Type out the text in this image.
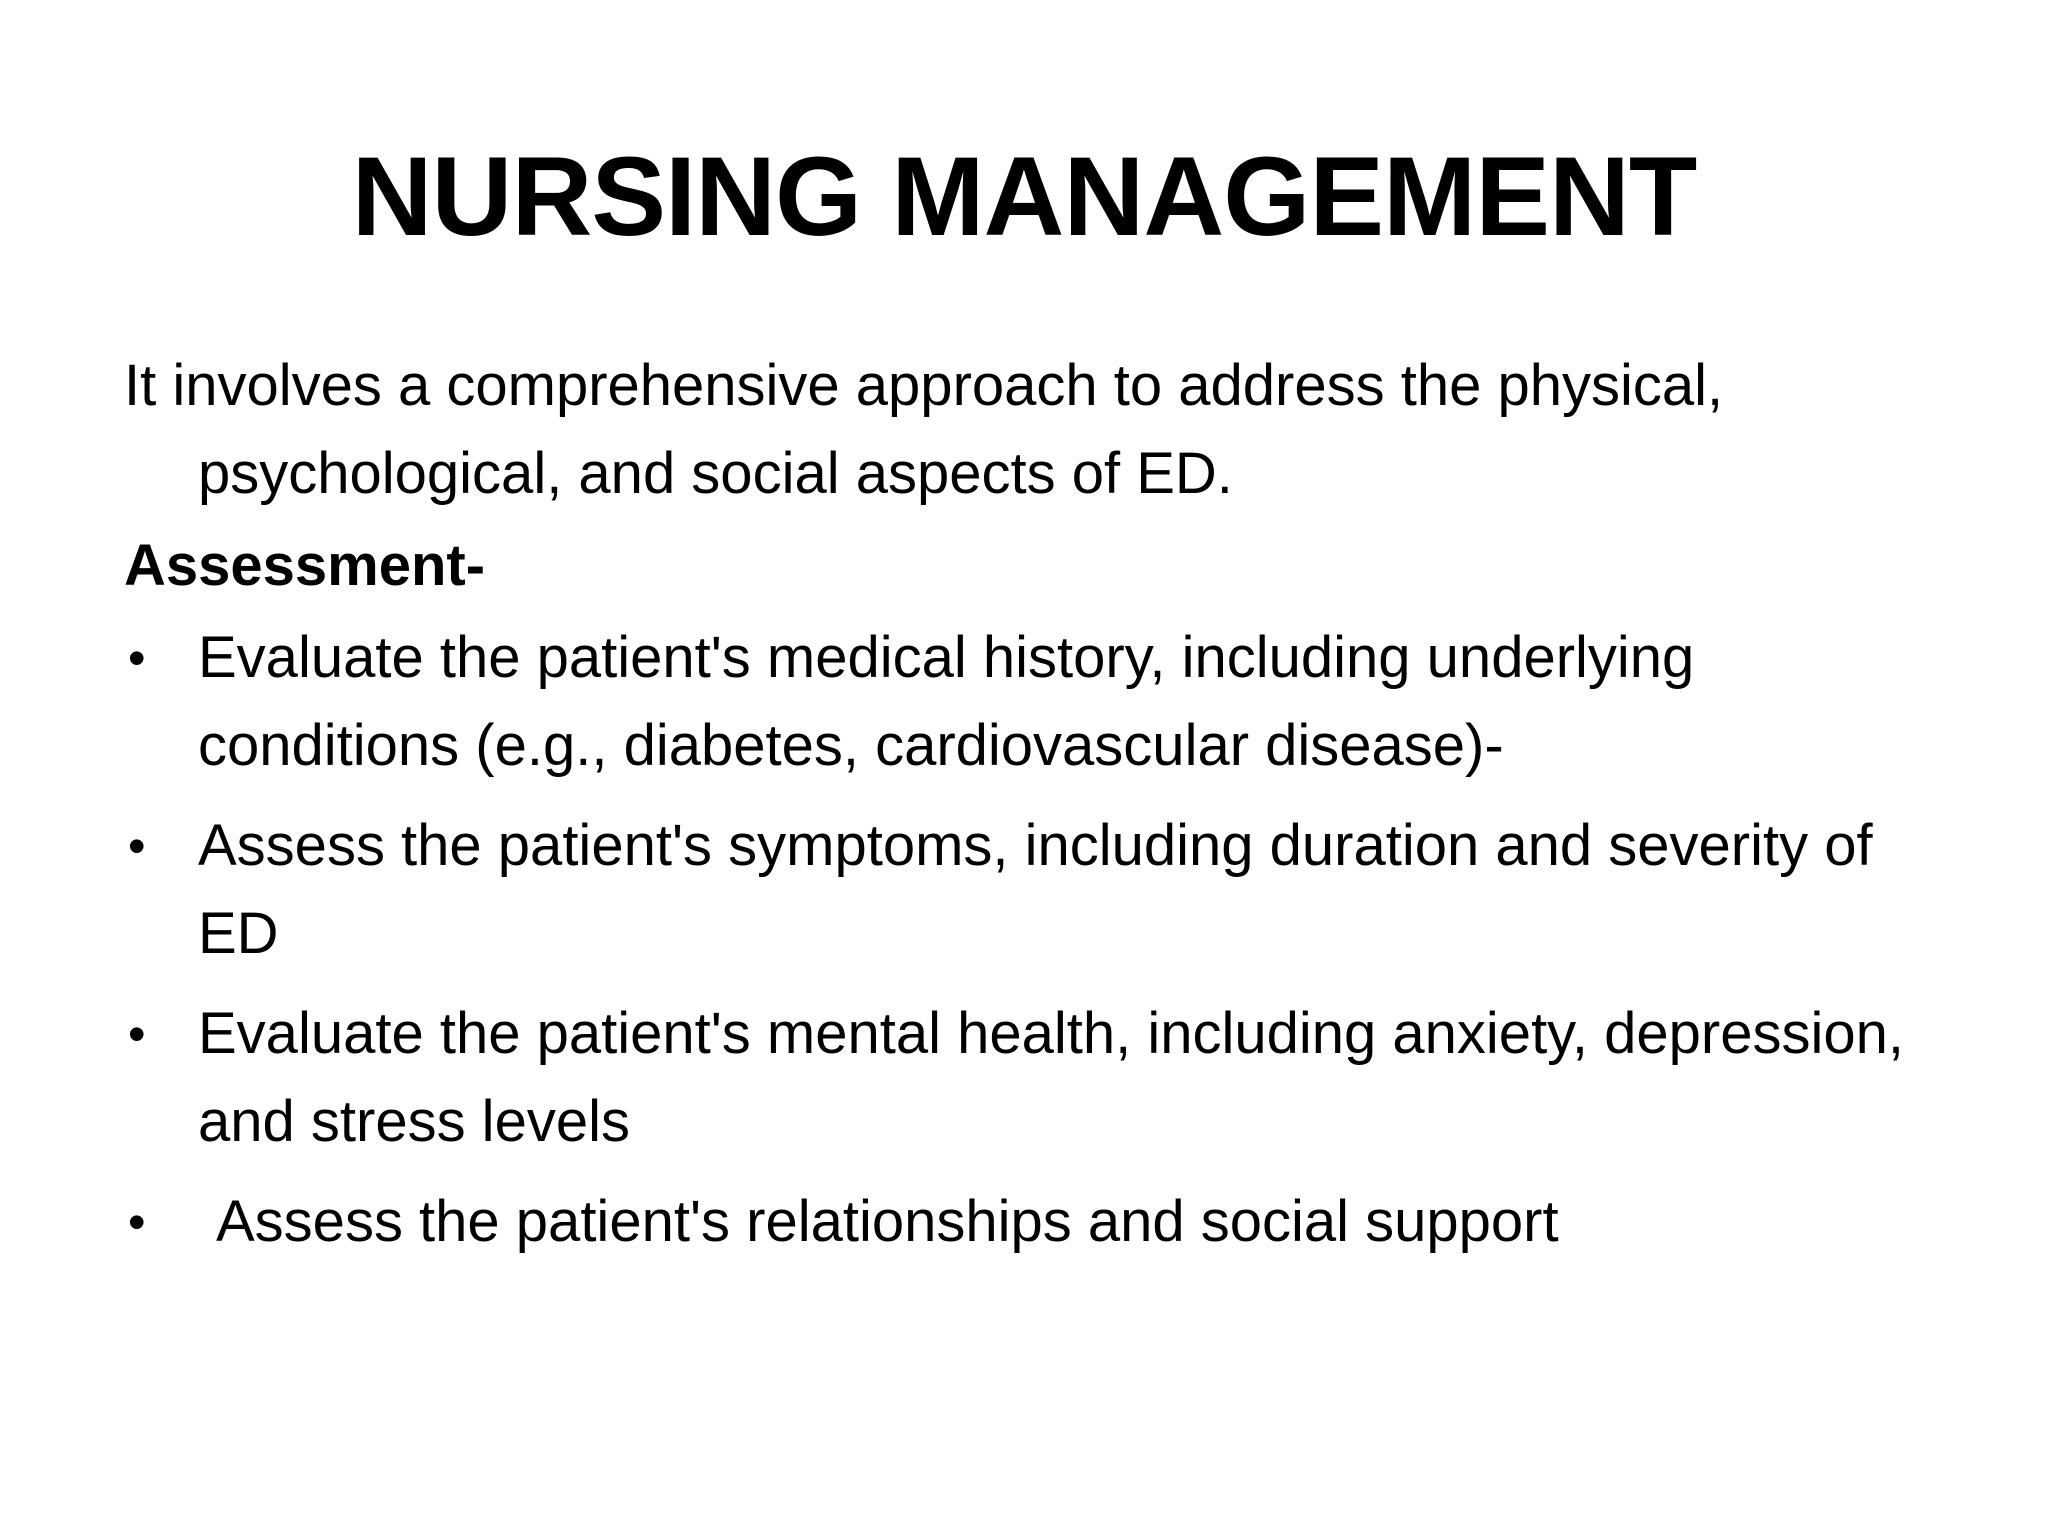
NURSING MANAGEMENT

It involves a comprehensive approach to address the physical, psychological, and social aspects of ED.

Assessment-

• Evaluate the patient's medical history, including underlying conditions (e.g., diabetes, cardiovascular disease)-
• Assess the patient's symptoms, including duration and severity of ED
• Evaluate the patient's mental health, including anxiety, depression, and stress levels
• Assess the patient's relationships and social support
